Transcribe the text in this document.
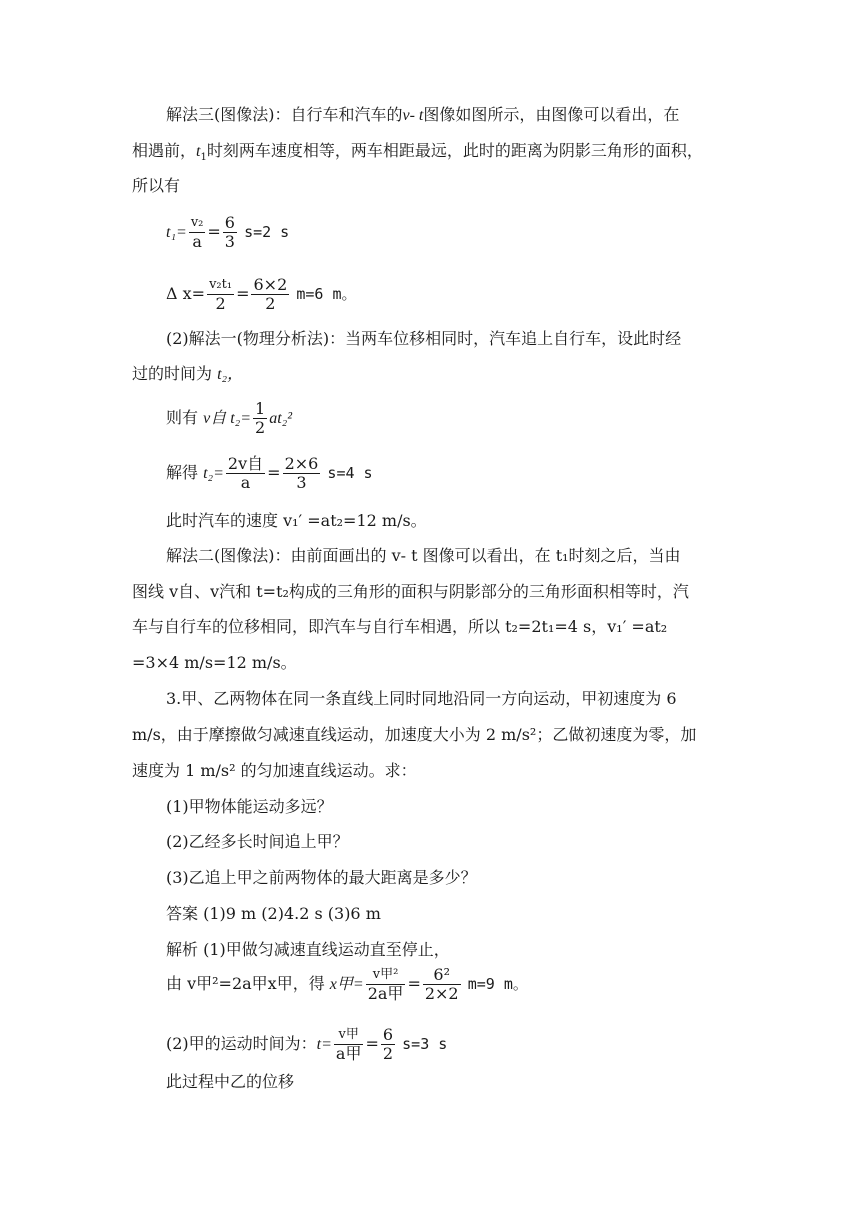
解法三(图像法)：自行车和汽车的v- t图像如图所示，由图像可以看出，在
相遇前，$t_1$时刻两车速度相等，两车相距最远，此时的距离为阴影三角形的面积，
所以有
t₁=
v₂
a
= $\frac{6}{3} s=2$ s
Δ x= v₂t₁
2
= $\frac{6\times 2}{2} m=6$ m。
(2)解法一(物理分析法)：当两车位移相同时，汽车追上自行车，设此时经
过的时间为 t₂，
则有 v自 $t_2= \frac{1}{2} at_2^2$
解得 t₂=
2v自
a
= $\frac{2\times 6}{3} s=4$ s
此时汽车的速度 v₁′ =at₂=12 m/s。
解法二(图像法)：由前面画出的 v- t 图像可以看出，在 t₁时刻之后，当由
图线 v自、v汽和 t=t₂构成的三角形的面积与阴影部分的三角形面积相等时，汽
车与自行车的位移相同，即汽车与自行车相遇，所以 t₂=2t₁=4 s，v₁′ =at₂
=3×4 m/s=12 m/s。
3.甲、乙两物体在同一条直线上同时同地沿同一方向运动，甲初速度为 6
m/s，由于摩擦做匀减速直线运动，加速度大小为 2 m/s²；乙做初速度为零，加
速度为 1 m/s² 的匀加速直线运动。求：
(1)甲物体能运动多远？
(2)乙经多长时间追上甲？
(3)乙追上甲之前两物体的最大距离是多少？
答案 (1)9 m (2)4.2 s (3)6 m
解析 (1)甲做匀减速直线运动直至停止，
由 v甲²=2a甲x甲，得 x甲=
v甲²
2a甲
= $\frac{\text{6²}}{2\times 2} m=9$ m。
(2)甲的运动时间为：t=
v甲
a甲
= $\frac{6}{2} s=3$ s
此过程中乙的位移
